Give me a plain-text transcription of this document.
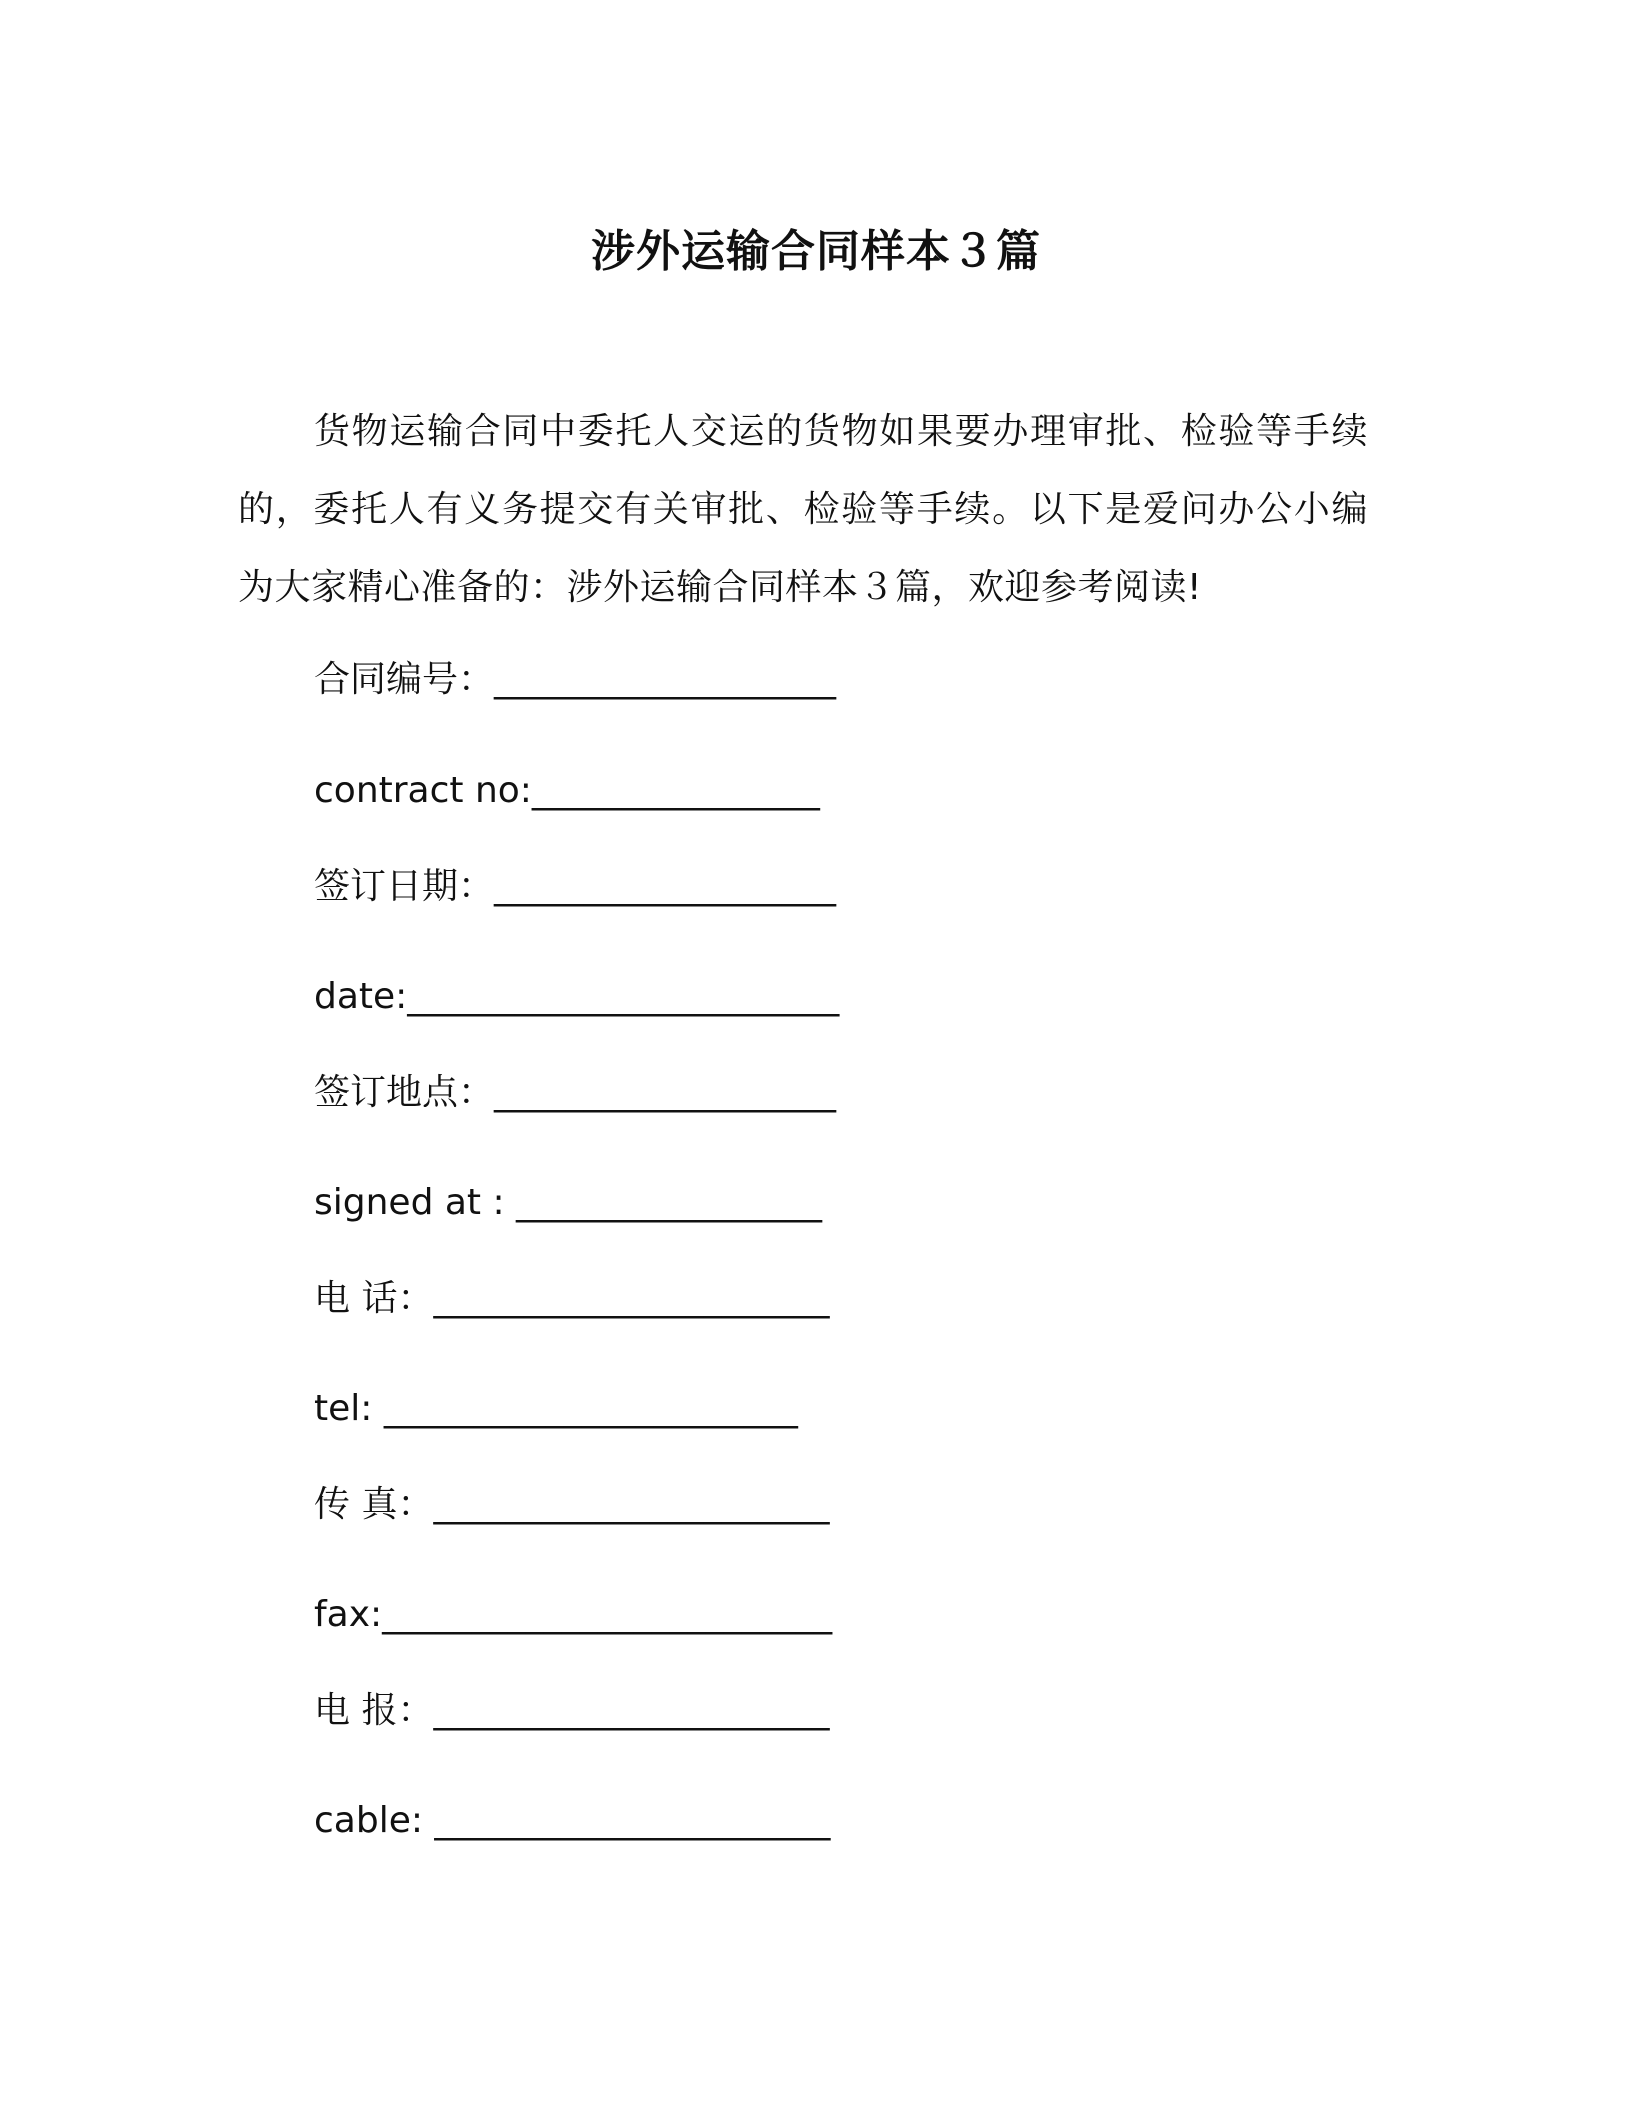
涉外运输合同样本３篇
货物运输合同中委托人交运的货物如果要办理审批、检验等手续的，委托人有义务提交有关审批、检验等手续。以下是爱问办公小编为大家精心准备的：涉外运输合同样本３篇，欢迎参考阅读!
合同编号：___________________
contract no:________________
签订日期：___________________
date:________________________
签订地点：___________________
signed at : _________________
电 话：______________________
tel: _______________________
传 真：______________________
fax:_________________________
电 报：______________________
cable: ______________________
